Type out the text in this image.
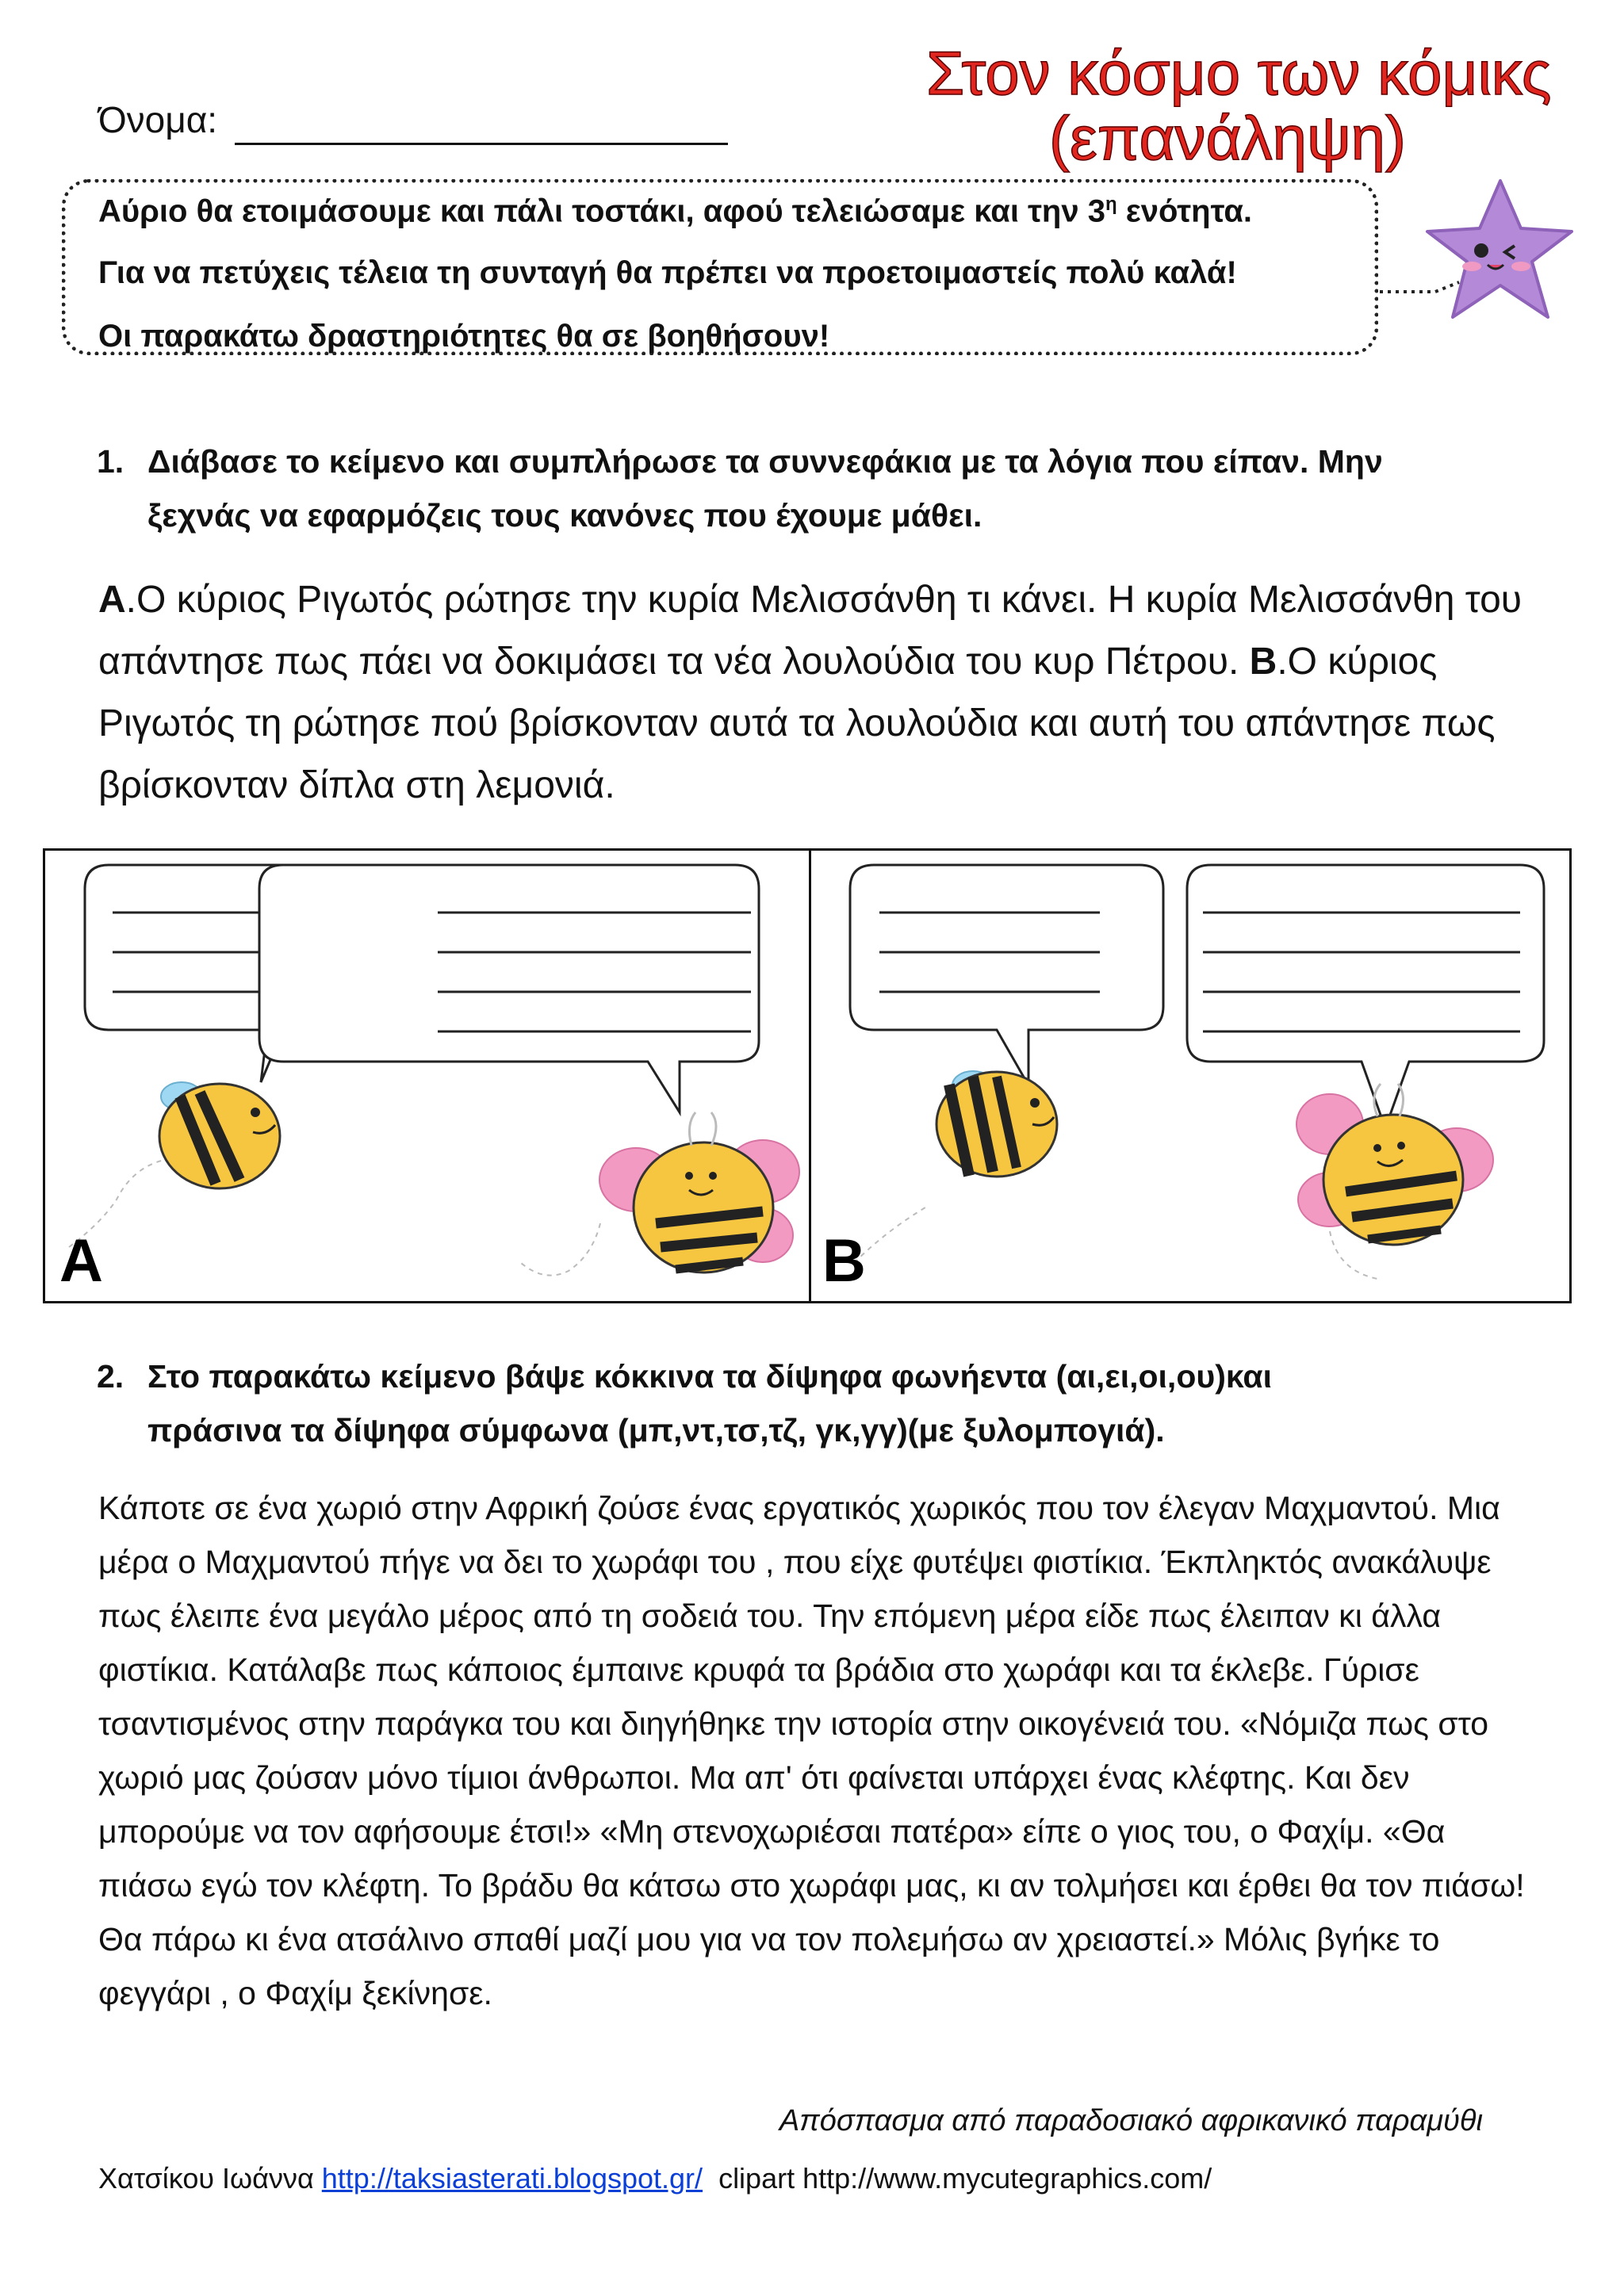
Όνομα:
Στον κόσμο των κόμικς
(επανάληψη)
Αύριο θα ετοιμάσουμε και πάλι τοστάκι, αφού τελειώσαμε και την $3^\eta$ ενότητα.
Για να πετύχεις τέλεια τη συνταγή θα πρέπει να προετοιμαστείς πολύ καλά!
Οι παρακάτω δραστηριότητες θα σε βοηθήσουν!
1. Διάβασε το κείμενο και συμπλήρωσε τα συννεφάκια με τα λόγια που είπαν. Μην
ξεχνάς να εφαρμόζεις τους κανόνες που έχουμε μάθει.

Α.Ο κύριος Ριγωτός ρώτησε την κυρία Μελισσάνθη τι κάνει. Η κυρία Μελισσάνθη του απάντησε πως πάει να δοκιμάσει τα νέα λουλούδια του κυρ Πέτρου. Β.Ο κύριος Ριγωτός τη ρώτησε πού βρίσκονταν αυτά τα λουλούδια και αυτή του απάντησε πως βρίσκονταν δίπλα στη λεμονιά.

A	B
2. Στο παρακάτω κείμενο βάψε κόκκινα τα δίψηφα φωνήεντα (αι,ει,οι,ου)και
πράσινα τα δίψηφα σύμφωνα (μπ,ντ,τσ,τζ, γκ,γγ)(με ξυλομπογιά).
Κάποτε σε ένα χωριό στην Αφρική ζούσε ένας εργατικός χωρικός που τον έλεγαν Μαχμαντού. Μια μέρα ο Μαχμαντού πήγε να δει το χωράφι του , που είχε φυτέψει φιστίκια. Έκπληκτός ανακάλυψε πως έλειπε ένα μεγάλο μέρος από τη σοδειά του. Την επόμενη μέρα είδε πως έλειπαν κι άλλα φιστίκια. Κατάλαβε πως κάποιος έμπαινε κρυφά τα βράδια στο χωράφι και τα έκλεβε. Γύρισε τσαντισμένος στην παράγκα του και διηγήθηκε την ιστορία στην οικογένειά του. «Νόμιζα πως στο χωριό μας ζούσαν μόνο τίμιοι άνθρωποι. Μα απ' ότι φαίνεται υπάρχει ένας κλέφτης. Και δεν μπορούμε να τον αφήσουμε έτσι!» «Μη στενοχωριέσαι πατέρα» είπε ο γιος του, ο Φαχίμ. «Θα πιάσω εγώ τον κλέφτη. Το βράδυ θα κάτσω στο χωράφι μας, κι αν τολμήσει και έρθει θα τον πιάσω! Θα πάρω κι ένα ατσάλινο σπαθί μαζί μου για να τον πολεμήσω αν χρειαστεί.» Μόλις βγήκε το φεγγάρι , ο Φαχίμ ξεκίνησε.
Απόσπασμα από παραδοσιακό αφρικανικό παραμύθι
Χατσίκου Ιωάννα http://taksiasterati.blogspot.gr/ clipart http://www.mycutegraphics.com/
